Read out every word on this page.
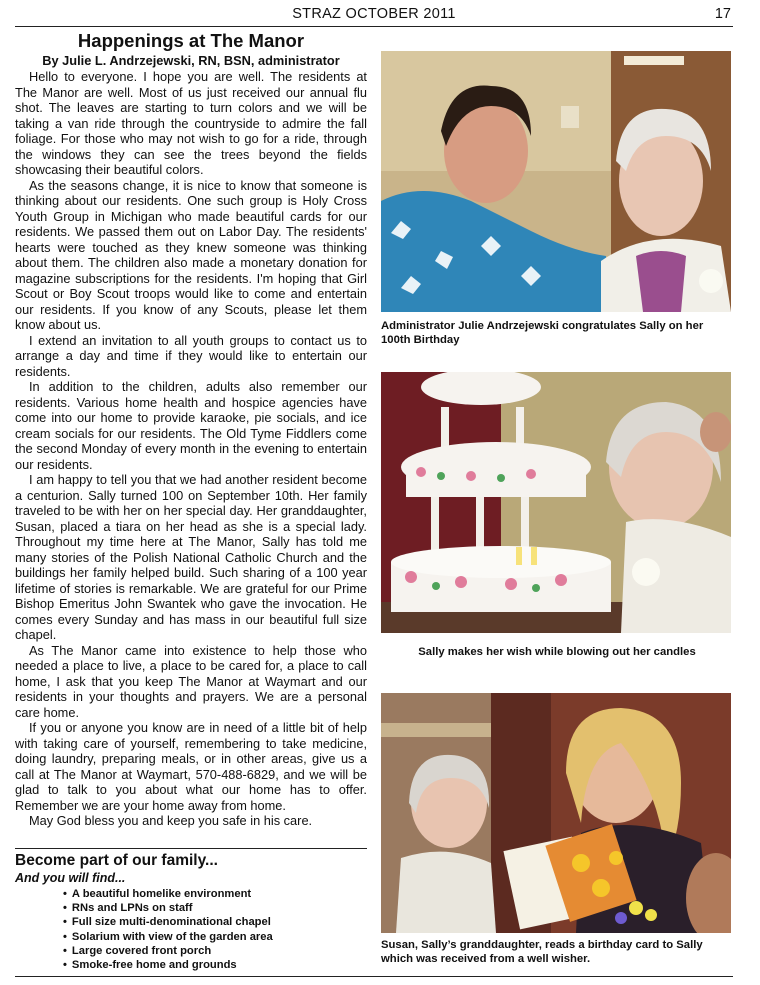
STRAZ OCTOBER 2011	17
Happenings at The Manor
By Julie L. Andrzejewski, RN, BSN, administrator

Hello to everyone. I hope you are well. The residents at The Manor are well. Most of us just received our annual flu shot. The leaves are starting to turn colors and we will be taking a van ride through the countryside to admire the fall foliage. For those who may not wish to go for a ride, through the windows they can see the trees beyond the fields showcasing their beautiful colors.

As the seasons change, it is nice to know that someone is thinking about our residents. One such group is Holy Cross Youth Group in Michigan who made beautiful cards for our residents. We passed them out on Labor Day. The residents' hearts were touched as they knew someone was thinking about them. The children also made a monetary donation for magazine subscriptions for the residents. I'm hoping that Girl Scout or Boy Scout troops would like to come and entertain our residents. If you know of any Scouts, please let them know about us.

I extend an invitation to all youth groups to contact us to arrange a day and time if they would like to entertain our residents.

In addition to the children, adults also remember our residents. Various home health and hospice agencies have come into our home to provide karaoke, pie socials, and ice cream socials for our residents. The Old Tyme Fiddlers come the second Monday of every month in the evening to entertain our residents.

I am happy to tell you that we had another resident become a centurion. Sally turned 100 on September 10th. Her family traveled to be with her on her special day. Her granddaughter, Susan, placed a tiara on her head as she is a special lady. Throughout my time here at The Manor, Sally has told me many stories of the Polish National Catholic Church and the buildings her family helped build. Such sharing of a 100 year lifetime of stories is remarkable. We are grateful for our Prime Bishop Emeritus John Swantek who gave the invocation. He comes every Sunday and has mass in our beautiful full size chapel.

As The Manor came into existence to help those who needed a place to live, a place to be cared for, a place to call home, I ask that you keep The Manor at Waymart and our residents in your thoughts and prayers. We are a personal care home.

If you or anyone you know are in need of a little bit of help with taking care of yourself, remembering to take medicine, doing laundry, preparing meals, or in other areas, give us a call at The Manor at Waymart, 570-488-6829, and we will be glad to talk to you about what our home has to offer. Remember we are your home away from home.

May God bless you and keep you safe in his care.

Become part of our family...
And you will find...
• A beautiful homelike environment
• RNs and LPNs on staff
• Full size multi-denominational chapel
• Solarium with view of the garden area
• Large covered front porch
• Smoke-free home and grounds
Administrator Julie Andrzejewski congratulates Sally on her 100th Birthday
Sally makes her wish while blowing out her candles
Susan, Sally’s granddaughter, reads a birthday card to Sally which was received from a well wisher.
